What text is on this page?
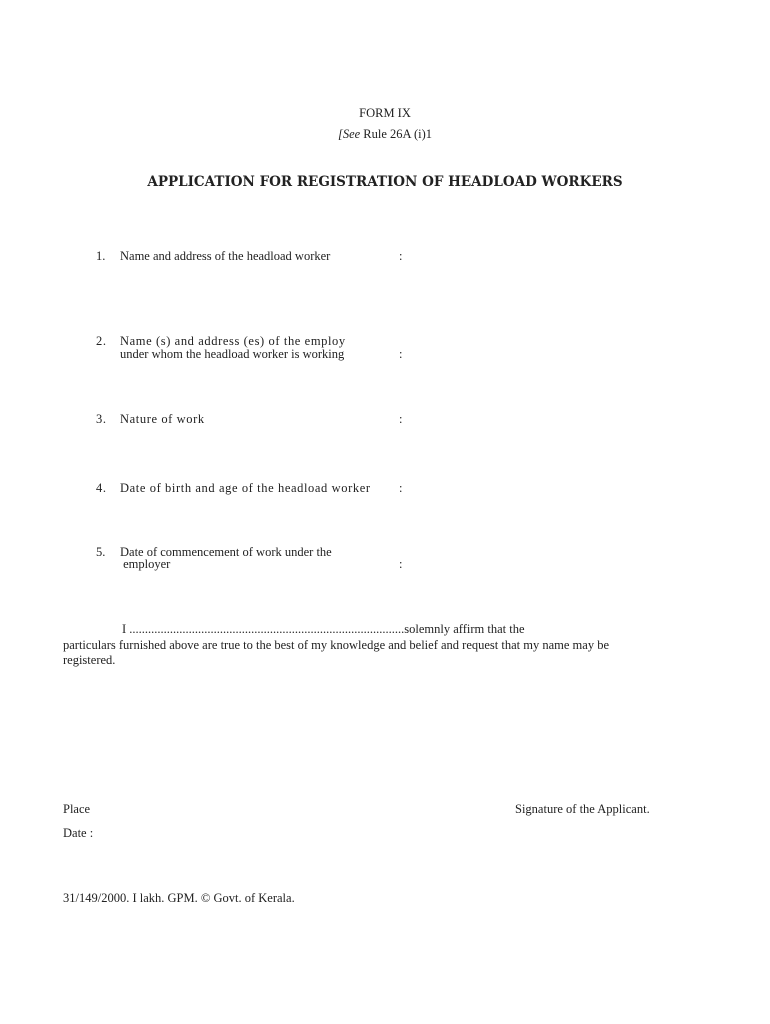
FORM IX
[See Rule 26A (i)1
APPLICATION FOR REGISTRATION OF HEADLOAD WORKERS
1. Name and address of the headload worker	:
2. Name (s) and address (es) of the employ
under whom the headload worker is working	:
3. Nature of work	:
4. Date of birth and age of the headload worker :
5. Date of commencement of work under the
employer	:
I ........................................................................................solemnly affirm that the
particulars furnished above are true to the best of my knowledge and belief and request that my name may be
registered.
Place	Signature of the Applicant.
Date :
31/149/2000. I lakh. GPM. © Govt. of Kerala.
